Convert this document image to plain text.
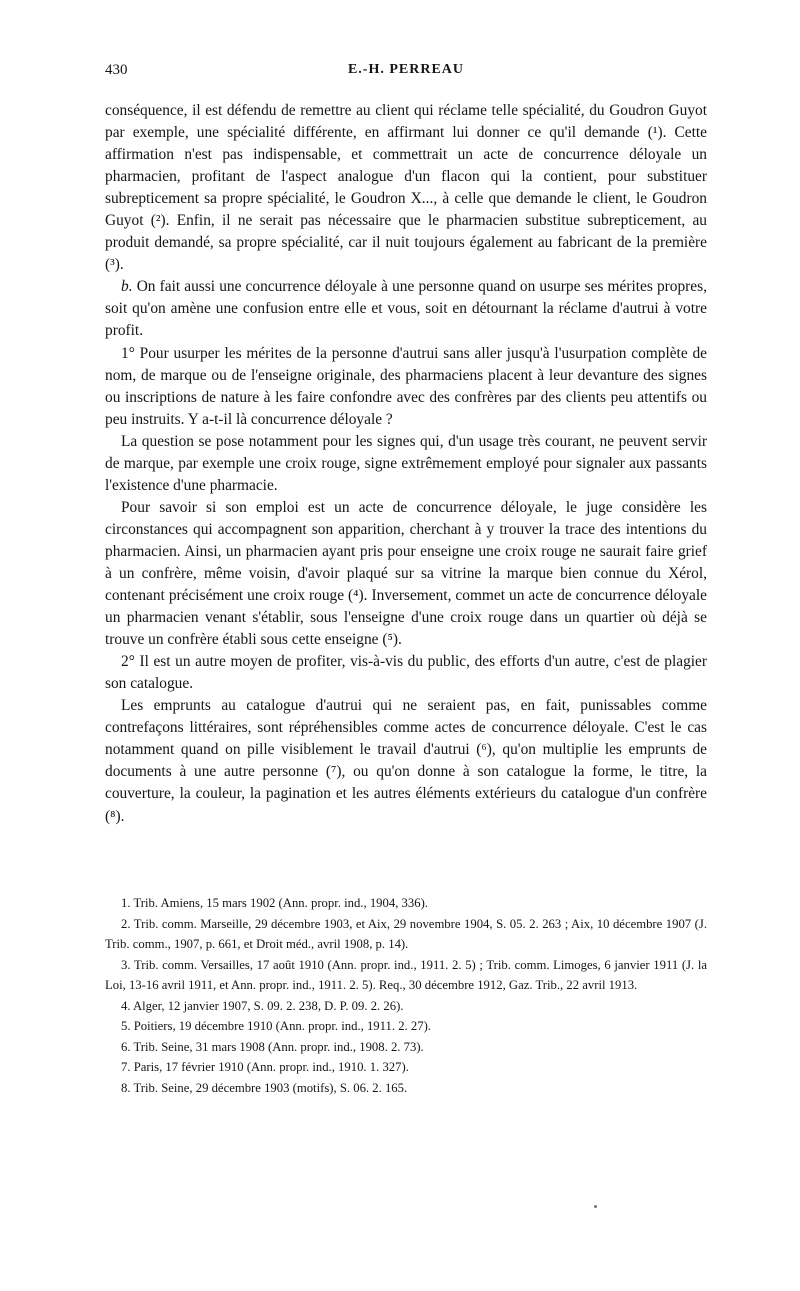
430	E.-H. PERREAU

conséquence, il est défendu de remettre au client qui réclame telle spécialité, du Goudron Guyot par exemple, une spécialité différente, en affirmant lui donner ce qu'il demande (¹). Cette affirmation n'est pas indispensable, et commettrait un acte de concurrence déloyale un pharmacien, profitant de l'aspect analogue d'un flacon qui la contient, pour substituer subrepticement sa propre spécialité, le Goudron X..., à celle que demande le client, le Goudron Guyot (²). Enfin, il ne serait pas nécessaire que le pharmacien substitue subrepticement, au produit demandé, sa propre spécialité, car il nuit toujours également au fabricant de la première (³).

b. On fait aussi une concurrence déloyale à une personne quand on usurpe ses mérites propres, soit qu'on amène une confusion entre elle et vous, soit en détournant la réclame d'autrui à votre profit.

1° Pour usurper les mérites de la personne d'autrui sans aller jusqu'à l'usurpation complète de nom, de marque ou de l'enseigne originale, des pharmaciens placent à leur devanture des signes ou inscriptions de nature à les faire confondre avec des confrères par des clients peu attentifs ou peu instruits. Y a-t-il là concurrence déloyale ?

La question se pose notamment pour les signes qui, d'un usage très courant, ne peuvent servir de marque, par exemple une croix rouge, signe extrêmement employé pour signaler aux passants l'existence d'une pharmacie.

Pour savoir si son emploi est un acte de concurrence déloyale, le juge considère les circonstances qui accompagnent son apparition, cherchant à y trouver la trace des intentions du pharmacien. Ainsi, un pharmacien ayant pris pour enseigne une croix rouge ne saurait faire grief à un confrère, même voisin, d'avoir plaqué sur sa vitrine la marque bien connue du Xérol, contenant précisément une croix rouge (⁴). Inversement, commet un acte de concurrence déloyale un pharmacien venant s'établir, sous l'enseigne d'une croix rouge dans un quartier où déjà se trouve un confrère établi sous cette enseigne (⁵).

2° Il est un autre moyen de profiter, vis-à-vis du public, des efforts d'un autre, c'est de plagier son catalogue.

Les emprunts au catalogue d'autrui qui ne seraient pas, en fait, punissables comme contrefaçons littéraires, sont répréhensibles comme actes de concurrence déloyale. C'est le cas notamment quand on pille visiblement le travail d'autrui (⁶), qu'on multiplie les emprunts de documents à une autre personne (⁷), ou qu'on donne à son catalogue la forme, le titre, la couverture, la couleur, la pagination et les autres éléments extérieurs du catalogue d'un confrère (⁸).

1. Trib. Amiens, 15 mars 1902 (Ann. propr. ind., 1904, 336).

2. Trib. comm. Marseille, 29 décembre 1903, et Aix, 29 novembre 1904, S. 05. 2. 263 ; Aix, 10 décembre 1907 (J. Trib. comm., 1907, p. 661, et Droit méd., avril 1908, p. 14).

3. Trib. comm. Versailles, 17 août 1910 (Ann. propr. ind., 1911. 2. 5) ; Trib. comm. Limoges, 6 janvier 1911 (J. la Loi, 13-16 avril 1911, et Ann. propr. ind., 1911. 2. 5). Req., 30 décembre 1912, Gaz. Trib., 22 avril 1913.

4. Alger, 12 janvier 1907, S. 09. 2. 238, D. P. 09. 2. 26).

5. Poitiers, 19 décembre 1910 (Ann. propr. ind., 1911. 2. 27).

6. Trib. Seine, 31 mars 1908 (Ann. propr. ind., 1908. 2. 73).

7. Paris, 17 février 1910 (Ann. propr. ind., 1910. 1. 327).

8. Trib. Seine, 29 décembre 1903 (motifs), S. 06. 2. 165.
